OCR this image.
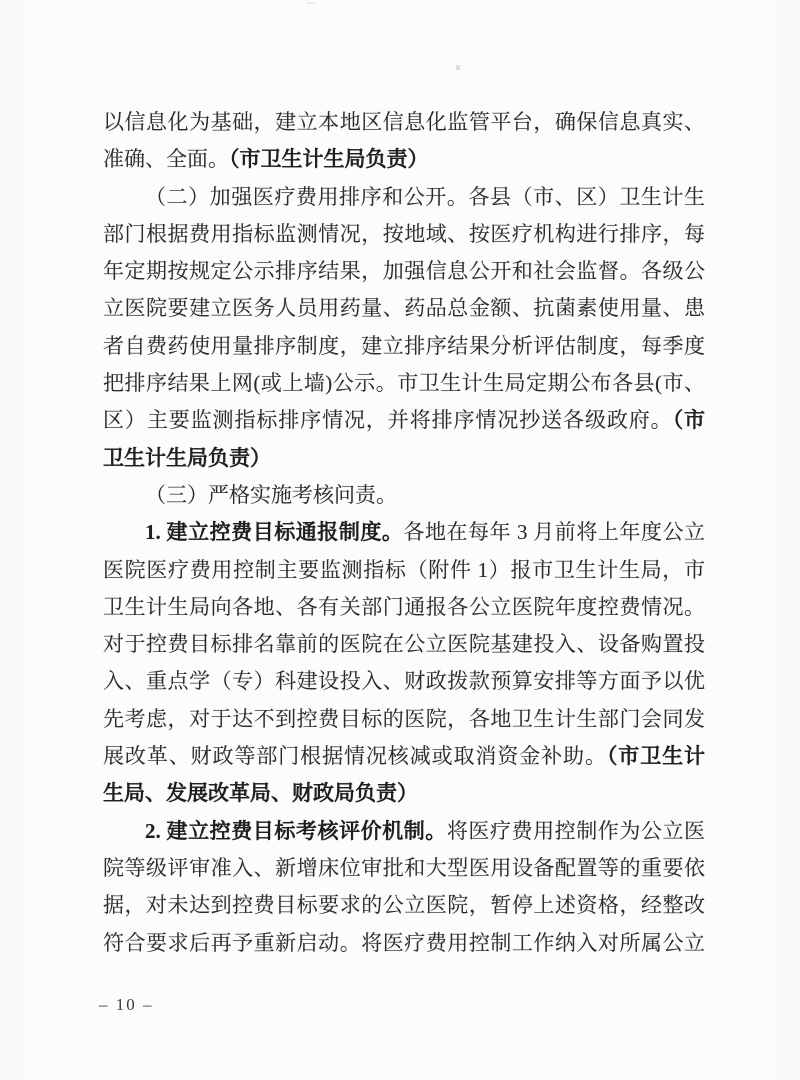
以信息化为基础，建立本地区信息化监管平台，确保信息真实、
准确、全面。（市卫生计生局负责）
（二）加强医疗费用排序和公开。各县（市、区）卫生计生
部门根据费用指标监测情况，按地域、按医疗机构进行排序，每
年定期按规定公示排序结果，加强信息公开和社会监督。各级公
立医院要建立医务人员用药量、药品总金额、抗菌素使用量、患
者自费药使用量排序制度，建立排序结果分析评估制度，每季度
把排序结果上网(或上墙)公示。市卫生计生局定期公布各县(市、
区）主要监测指标排序情况，并将排序情况抄送各级政府。（市
卫生计生局负责）
（三）严格实施考核问责。
1. 建立控费目标通报制度。各地在每年 3 月前将上年度公立
医院医疗费用控制主要监测指标（附件 1）报市卫生计生局，市
卫生计生局向各地、各有关部门通报各公立医院年度控费情况。
对于控费目标排名靠前的医院在公立医院基建投入、设备购置投
入、重点学（专）科建设投入、财政拨款预算安排等方面予以优
先考虑，对于达不到控费目标的医院，各地卫生计生部门会同发
展改革、财政等部门根据情况核减或取消资金补助。（市卫生计
生局、发展改革局、财政局负责）
2. 建立控费目标考核评价机制。将医疗费用控制作为公立医
院等级评审准入、新增床位审批和大型医用设备配置等的重要依
据，对未达到控费目标要求的公立医院，暂停上述资格，经整改
符合要求后再予重新启动。将医疗费用控制工作纳入对所属公立
– 10 –
